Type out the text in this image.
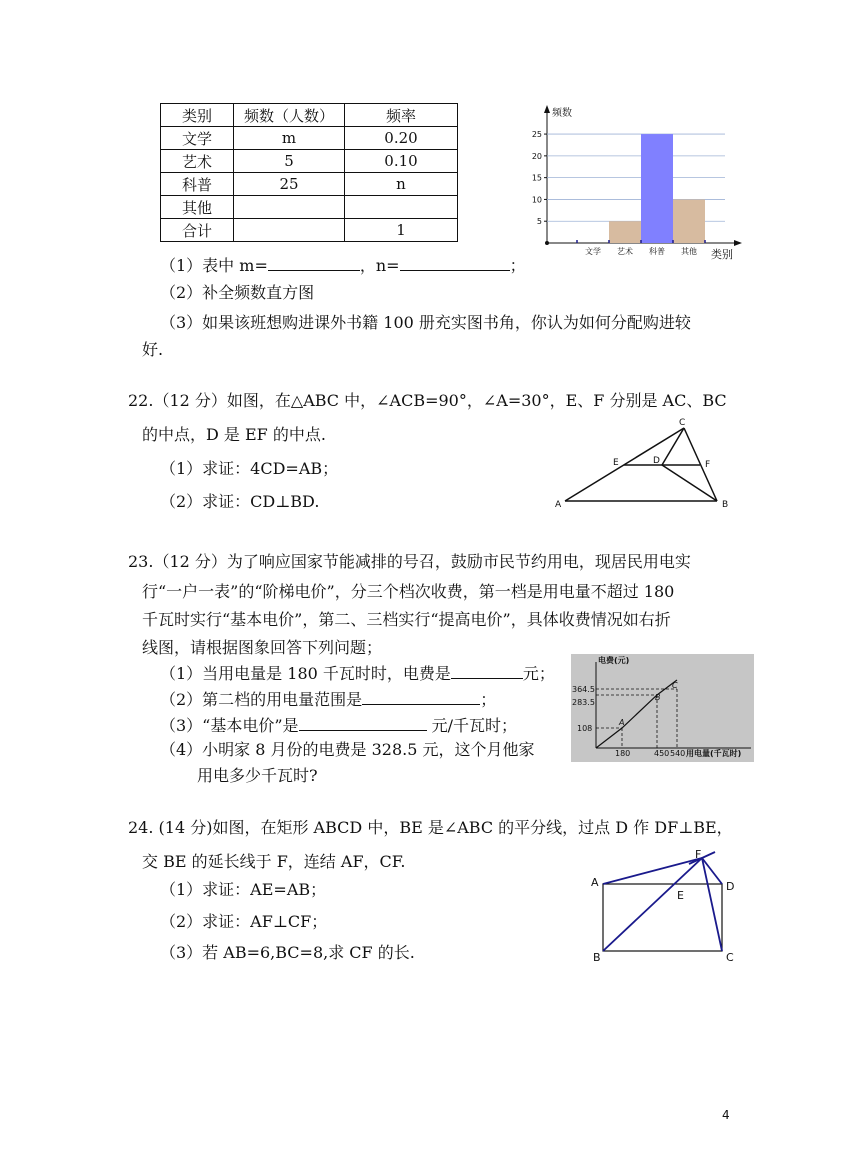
类别	频数（人数）	频率
文学	m	0.20
艺术	5	0.10
科普	25	n
其他		
合计		1	5
10
15
20
25
文学 艺术 科普 其他
频数
类别
（1）表中 m=	，n=	；
（2）补全频数直方图
（3）如果该班想购进课外书籍 100 册充实图书角，你认为如何分配购进较
好.
22.（12 分）如图，在△ABC 中，∠ACB=90°，∠A=30°，E、F 分别是 AC、BC
的中点，D 是 EF 的中点.
（1）求证：4CD=AB；
（2）求证：CD⊥BD.	A	B
C
D
E	F
23.（12 分）为了响应国家节能减排的号召，鼓励市民节约用电，现居民用电实
行“一户一表”的“阶梯电价”，分三个档次收费，第一档是用电量不超过 180
千瓦时实行“基本电价”，第二、三档实行“提高电价”，具体收费情况如右折
线图，请根据图象回答下列问题；
（1）当用电量是 180 千瓦时时，电费是	元；
（2）第二档的用电量范围是	；
（3）“基本电价”是	元/千瓦时；
（4）小明家 8 月份的电费是 328.5 元，这个月他家
用电多少千瓦时?
电费(元)
用电量(千瓦时)
364.5
283.5
108
180	450 540
A
B
C
24. (14 分)如图，在矩形 ABCD 中，BE 是∠ABC 的平分线，过点 D 作 DF⊥BE，
交 BE 的延长线于 F，连结 AF，CF.
（1）求证：AE=AB；
（2）求证：AF⊥CF；
（3）若 AB=6,BC=8,求 CF 的长.
A
B	C
D
E
F
4
